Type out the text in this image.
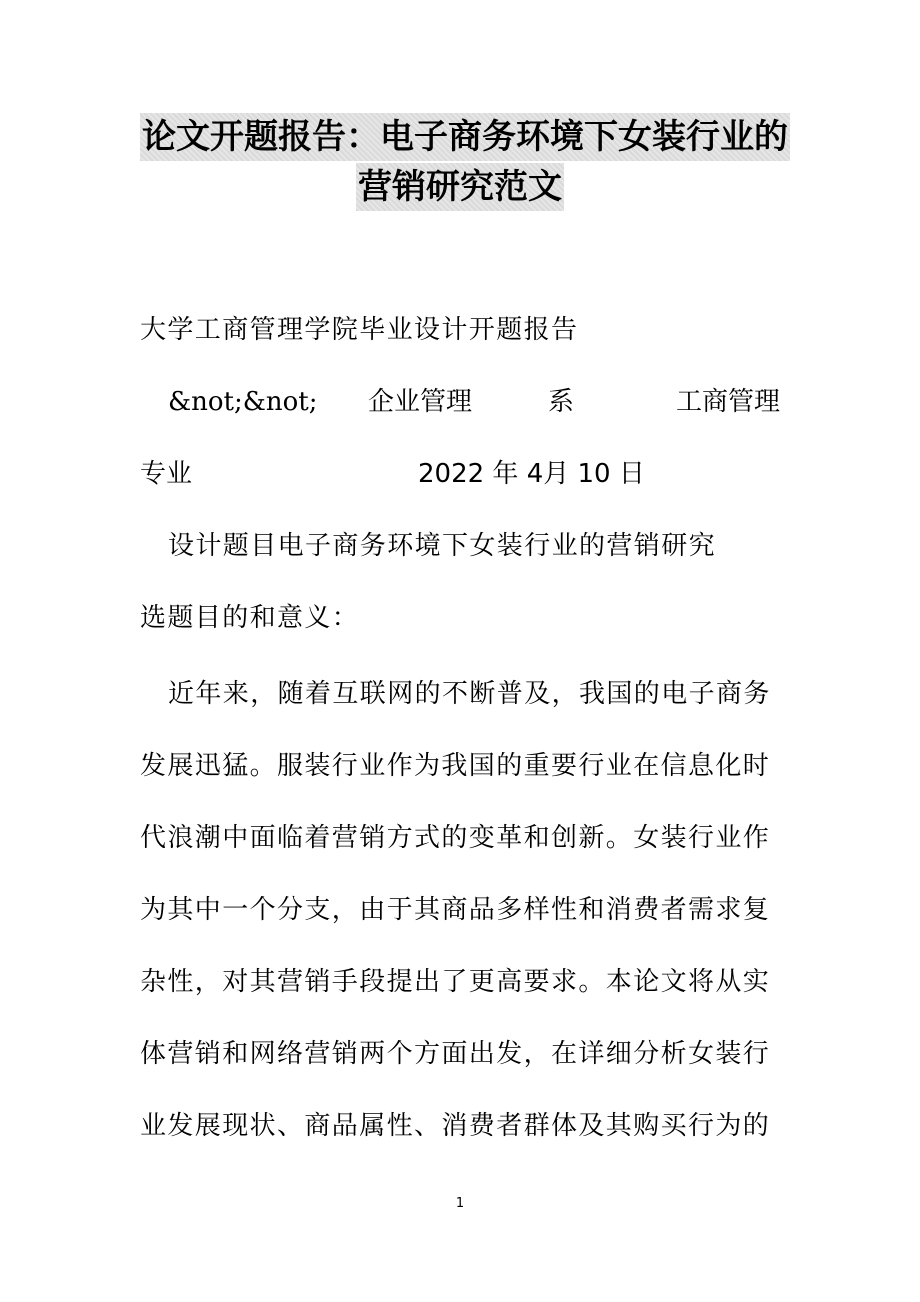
论文开题报告：电子商务环境下女装行业的
营销研究范文
大学工商管理学院毕业设计开题报告
&not;&not; 企业管理	系	工商管理
专业	2022 年 4月 10 日
设计题目电子商务环境下女装行业的营销研究
选题目的和意义：
近年来，随着互联网的不断普及，我国的电子商务
发展迅猛。服装行业作为我国的重要行业在信息化时
代浪潮中面临着营销方式的变革和创新。女装行业作
为其中一个分支，由于其商品多样性和消费者需求复
杂性，对其营销手段提出了更高要求。本论文将从实
体营销和网络营销两个方面出发，在详细分析女装行
业发展现状、商品属性、消费者群体及其购买行为的
1
